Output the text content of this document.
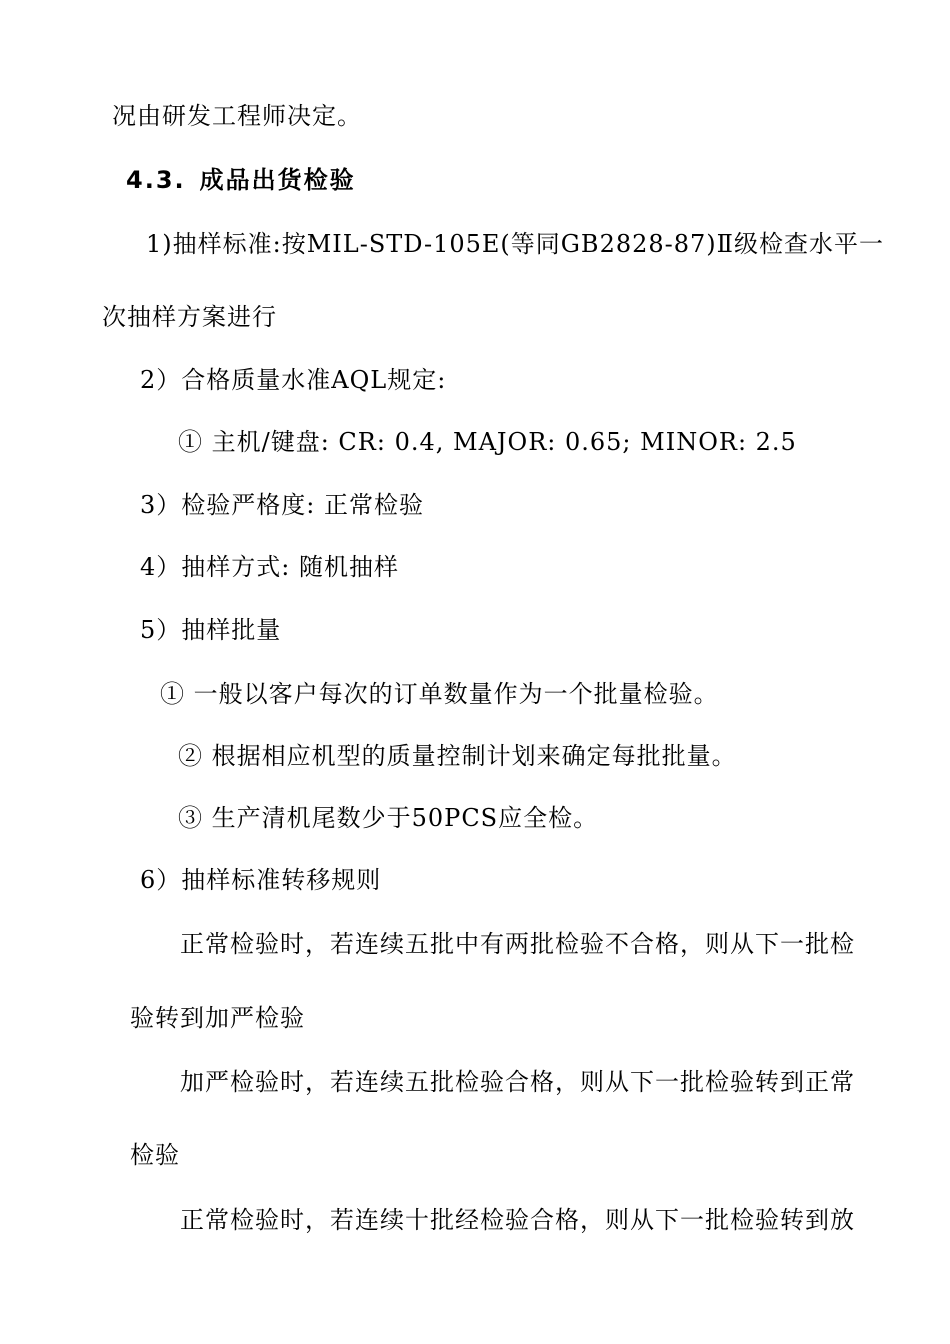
况由研发工程师决定。
4.3. 成品出货检验
1)抽样标准:按MIL-STD-105E(等同GB2828-87)Ⅱ级检查水平一
次抽样方案进行
2）合格质量水准AQL规定:
① 主机/键盘: CR: 0.4, MAJOR: 0.65; MINOR: 2.5
3）检验严格度: 正常检验
4）抽样方式: 随机抽样
5）抽样批量
① 一般以客户每次的订单数量作为一个批量检验。
② 根据相应机型的质量控制计划来确定每批批量。
③ 生产清机尾数少于50PCS应全检。
6）抽样标准转移规则
正常检验时，若连续五批中有两批检验不合格，则从下一批检
验转到加严检验
加严检验时，若连续五批检验合格，则从下一批检验转到正常
检验
正常检验时，若连续十批经检验合格，则从下一批检验转到放
